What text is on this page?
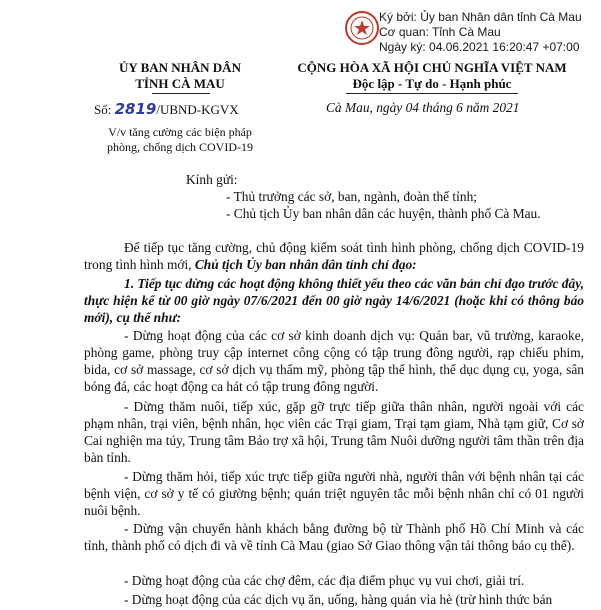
Ký bởi: Ủy ban Nhân dân tỉnh Cà Mau
Cơ quan: Tỉnh Cà Mau
Ngày ký: 04.06.2021 16:20:47 +07:00
ỦY BAN NHÂN DÂN
TỈNH CÀ MAU
Số: 2819/UBND-KGVX
V/v tăng cường các biện pháp
phòng, chống dịch COVID-19
CỘNG HÒA XÃ HỘI CHỦ NGHĨA VIỆT NAM
Độc lập - Tự do - Hạnh phúc
Cà Mau, ngày 04 tháng 6 năm 2021
Kính gửi:
- Thủ trưởng các sở, ban, ngành, đoàn thể tỉnh;
- Chủ tịch Ủy ban nhân dân các huyện, thành phố Cà Mau.
Để tiếp tục tăng cường, chủ động kiểm soát tình hình phòng, chống dịch COVID-19 trong tình hình mới, Chủ tịch Ủy ban nhân dân tỉnh chỉ đạo:
1. Tiếp tục dừng các hoạt động không thiết yếu theo các văn bản chỉ đạo trước đây, thực hiện kể từ 00 giờ ngày 07/6/2021 đến 00 giờ ngày 14/6/2021 (hoặc khi có thông báo mới), cụ thể như:
- Dừng hoạt động của các cơ sở kinh doanh dịch vụ: Quán bar, vũ trường, karaoke, phòng game, phòng truy cập internet công cộng có tập trung đông người, rạp chiếu phim, bida, cơ sở massage, cơ sở dịch vụ thẩm mỹ, phòng tập thể hình, thể dục dụng cụ, yoga, sân bóng đá, các hoạt động ca hát có tập trung đông người.
- Dừng thăm nuôi, tiếp xúc, gặp gỡ trực tiếp giữa thân nhân, người ngoài với các phạm nhân, trại viên, bệnh nhân, học viên các Trại giam, Trại tạm giam, Nhà tạm giữ, Cơ sở Cai nghiện ma túy, Trung tâm Bảo trợ xã hội, Trung tâm Nuôi dưỡng người tâm thần trên địa bàn tỉnh.
- Dừng thăm hỏi, tiếp xúc trực tiếp giữa người nhà, người thân với bệnh nhân tại các bệnh viện, cơ sở y tế có giường bệnh; quán triệt nguyên tắc mỗi bệnh nhân chỉ có 01 người nuôi bệnh.
- Dừng vận chuyển hành khách bằng đường bộ từ Thành phố Hồ Chí Minh và các tỉnh, thành phố có dịch đi và về tỉnh Cà Mau (giao Sở Giao thông vận tải thông báo cụ thể).
- Dừng hoạt động của các chợ đêm, các địa điểm phục vụ vui chơi, giải trí.
- Dừng hoạt động của các dịch vụ ăn, uống, hàng quán vỉa hè (trừ hình thức bán
